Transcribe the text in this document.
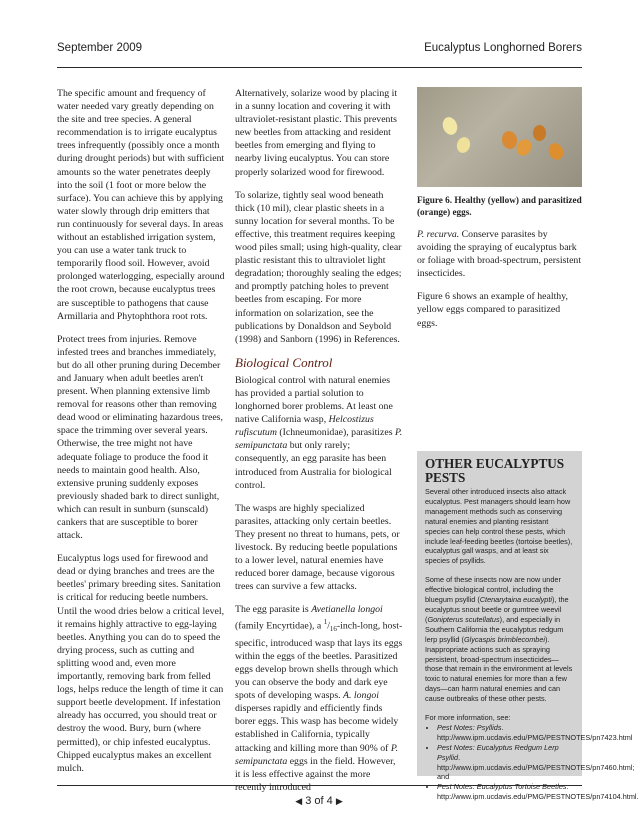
September 2009	Eucalyptus Longhorned Borers

The specific amount and frequency of water needed vary greatly depending on the site and tree species. A general recommendation is to irrigate eucalyptus trees infrequently (possibly once a month during drought periods) but with sufficient amounts so the water penetrates deeply into the soil (1 foot or more below the surface). You can achieve this by applying water slowly through drip emitters that run continuously for several days. In areas without an established irrigation system, you can use a water tank truck to temporarily flood soil. However, avoid prolonged waterlogging, especially around the root crown, because eucalyptus trees are susceptible to pathogens that cause Armillaria and Phytophthora root rots.

Protect trees from injuries. Remove infested trees and branches immediately, but do all other pruning during December and January when adult beetles aren't present. When planning extensive limb removal for reasons other than removing dead wood or eliminating hazardous trees, space the trimming over several years. Otherwise, the tree might not have adequate foliage to produce the food it needs to maintain good health. Also, extensive pruning suddenly exposes previously shaded bark to direct sunlight, which can result in sunburn (sunscald) cankers that are susceptible to borer attack.

Eucalyptus logs used for firewood and dead or dying branches and trees are the beetles' primary breeding sites. Sanitation is critical for reducing beetle numbers. Until the wood dries below a critical level, it remains highly attractive to egg-laying beetles. Anything you can do to speed the drying process, such as cutting and splitting wood and, even more importantly, removing bark from felled logs, helps reduce the length of time it can support beetle development. If infestation already has occurred, you should treat or destroy the wood. Bury, burn (where permitted), or chip infested eucalyptus. Chipped eucalyptus makes an excellent mulch.

Alternatively, solarize wood by placing it in a sunny location and covering it with ultraviolet-resistant plastic. This prevents new beetles from attacking and resident beetles from emerging and flying to nearby living eucalyptus. You can store properly solarized wood for firewood.

To solarize, tightly seal wood beneath thick (10 mil), clear plastic sheets in a sunny location for several months. To be effective, this treatment requires keeping wood piles small; using high-quality, clear plastic resistant this to ultraviolet light degradation; thoroughly sealing the edges; and promptly patching holes to prevent beetles from escaping. For more information on solarization, see the publications by Donaldson and Seybold (1998) and Sanborn (1996) in References.

Biological Control

Biological control with natural enemies has provided a partial solution to longhorned borer problems. At least one native California wasp, Helcostizus rufiscutum (Ichneumonidae), parasitizes P. semipunctata but only rarely; consequently, an egg parasite has been introduced from Australia for biological control.

The wasps are highly specialized parasites, attacking only certain beetles. They present no threat to humans, pets, or livestock. By reducing beetle populations to a lower level, natural enemies have reduced borer damage, because vigorous trees can survive a few attacks.

The egg parasite is Avetianella longoi (family Encyrtidae), a $^1/_{16}-inch$-long, host-specific, introduced wasp that lays its eggs within the eggs of the beetles. Parasitized eggs develop brown shells through which you can observe the body and dark eye spots of developing wasps. A. longoi disperses rapidly and efficiently finds borer eggs. This wasp has become widely established in California, typically attacking and killing more than 90% of P. semipunctata eggs in the field. However, it is less effective against the more recently introduced

Figure 6. Healthy (yellow) and parasitized (orange) eggs.

P. recurva. Conserve parasites by avoiding the spraying of eucalyptus bark or foliage with broad-spectrum, persistent insecticides.

Figure 6 shows an example of healthy, yellow eggs compared to parasitized eggs.

OTHER EUCALYPTUS PESTS

Several other introduced insects also attack eucalyptus. Pest managers should learn how management methods such as conserving natural enemies and planting resistant species can help control these pests, which include leaf-feeding beetles (tortoise beetles), eucalyptus gall wasps, and at least six species of psyllids.

Some of these insects now are now under effective biological control, including the bluegum psyllid (Ctenarytaina eucalypti), the eucalyptus snout beetle or gumtree weevil (Gonipterus scutellatus), and especially in Southern California the eucalyptus redgum lerp psyllid (Glycaspis brimblecombei). Inappropriate actions such as spraying persistent, broad-spectrum insecticides—those that remain in the environment at levels toxic to natural enemies for more than a few days—can harm natural enemies and can cause outbreaks of these other pests.

For more information, see:
• Pest Notes: Psyllids. http://www.ipm.ucdavis.edu/PMG/PESTNOTES/pn7423.html
• Pest Notes: Eucalyptus Redgum Lerp Psyllid. http://www.ipm.ucdavis.edu/PMG/PESTNOTES/pn7460.html; and
• Pest Notes: Eucalyptus Tortoise Beetles. http://www.ipm.ucdavis.edu/PMG/PESTNOTES/pn74104.html.
◀ 3 of 4 ▶
